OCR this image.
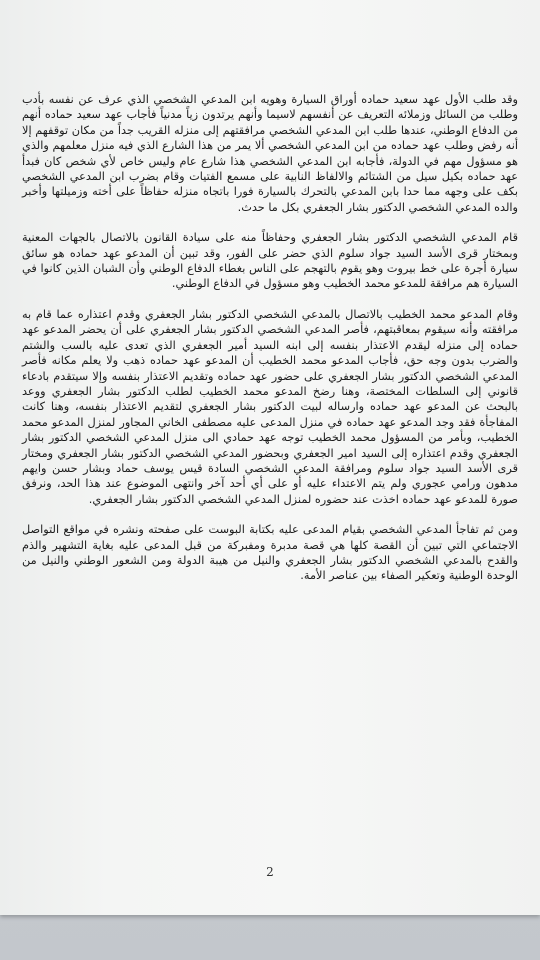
وقد طلب الأول عهد سعيد حماده أوراق السيارة وهويه ابن المدعي الشخصي الذي عرف عن نفسه بأدب وطلب من السائل وزملائه التعريف عن أنفسهم لاسيما وأنهم يرتدون زياً مدنياً فأجاب عهد سعيد حماده أنهم من الدفاع الوطني، عندها طلب ابن المدعي الشخصي مرافقتهم إلى منزله القريب جداً من مكان توقفهم إلا أنه رفض وطلب عهد حماده من ابن المدعي الشخصي ألا يمر من هذا الشارع الذي فيه منزل معلمهم والذي هو مسؤول مهم في الدولة، فأجابه ابن المدعي الشخصي هذا شارع عام وليس خاص لأي شخص كان فبدأ عهد حماده بكيل سيل من الشتائم والالفاظ النابية على مسمع الفتيات وقام بضرب ابن المدعي الشخصي بكف على وجهه مما حدا بابن المدعي بالتحرك بالسيارة فورا باتجاه منزله حفاظاً على أخته وزميلتها وأخبر والده المدعي الشخصي الدكتور بشار الجعفري بكل ما حدث.

قام المدعي الشخصي الدكتور بشار الجعفري وحفاظاً منه على سيادة القانون بالاتصال بالجهات المعنية وبمختار قرى الأسد السيد جواد سلوم الذي حضر على الفور، وقد تبين أن المدعو عهد حماده هو سائق سيارة أجرة على خط بيروت وهو يقوم بالتهجم على الناس بغطاء الدفاع الوطني وأن الشبان الذين كانوا في السيارة هم مرافقة للمدعو محمد الخطيب وهو مسؤول في الدفاع الوطني.

وقام المدعو محمد الخطيب بالاتصال بالمدعي الشخصي الدكتور بشار الجعفري وقدم اعتذاره عما قام به مرافقته وأنه سيقوم بمعاقبتهم، فأصر المدعي الشخصي الدكتور بشار الجعفري على أن يحضر المدعو عهد حماده إلى منزله ليقدم الاعتذار بنفسه إلى ابنه السيد أمير الجعفري الذي تعدى عليه بالسب والشتم والضرب بدون وجه حق، فأجاب المدعو محمد الخطيب أن المدعو عهد حماده ذهب ولا يعلم مكانه فأصر المدعي الشخصي الدكتور بشار الجعفري على حضور عهد حماده وتقديم الاعتذار بنفسه وإلا سيتقدم بادعاء قانوني إلى السلطات المختصة، وهنا رضخ المدعو محمد الخطيب لطلب الدكتور بشار الجعفري ووعد بالبحث عن المدعو عهد حماده وارساله لبيت الدكتور بشار الجعفري لتقديم الاعتذار بنفسه، وهنا كانت المفاجأة فقد وجد المدعو عهد حماده في منزل المدعى عليه مصطفى الخاني المجاور لمنزل المدعو محمد الخطيب، وبأمر من المسؤول محمد الخطيب توجه عهد حمادي الى منزل المدعي الشخصي الدكتور بشار الجعفري وقدم اعتذاره إلى السيد امير الجعفري وبحضور المدعي الشخصي الدكتور بشار الجعفري ومختار قرى الأسد السيد جواد سلوم ومرافقة المدعي الشخصي السادة قيس يوسف حماد وبشار حسن وايهم مدهون ورامي عجوري ولم يتم الاعتداء عليه أو على أي أحد آخر وانتهى الموضوع عند هذا الحد، ونرفق صورة للمدعو عهد حماده اخذت عند حضوره لمنزل المدعي الشخصي الدكتور بشار الجعفري.

ومن ثم تفاجأ المدعي الشخصي بقيام المدعى عليه بكتابة البوست على صفحته ونشره في مواقع التواصل الاجتماعي التي تبين أن القصة كلها هي قصة مدبرة ومفبركة من قبل المدعى عليه بغاية التشهير والذم والقدح بالمدعي الشخصي الدكتور بشار الجعفري والنيل من هيبة الدولة ومن الشعور الوطني والنيل من الوحدة الوطنية وتعكير الصفاء بين عناصر الأمة.

2
